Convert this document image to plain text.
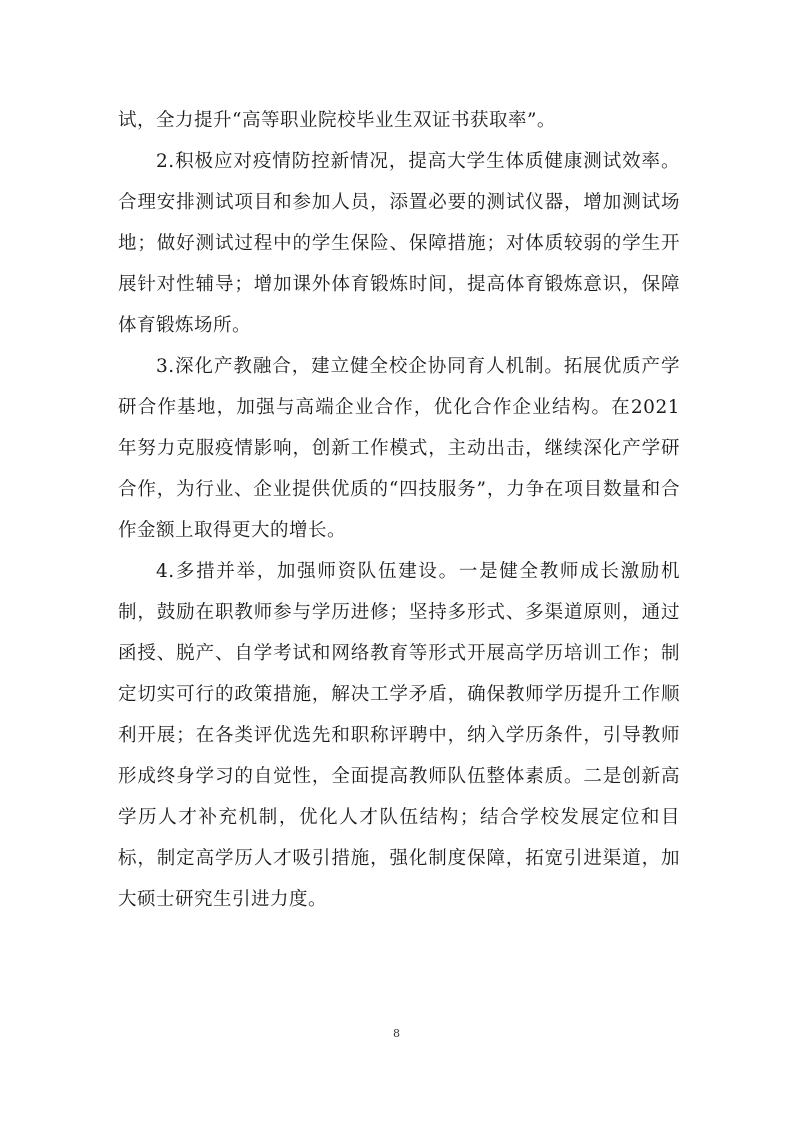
试，全力提升“高等职业院校毕业生双证书获取率”。

2.积极应对疫情防控新情况，提高大学生体质健康测试效率。合理安排测试项目和参加人员，添置必要的测试仪器，增加测试场地；做好测试过程中的学生保险、保障措施；对体质较弱的学生开展针对性辅导；增加课外体育锻炼时间，提高体育锻炼意识，保障体育锻炼场所。

3.深化产教融合，建立健全校企协同育人机制。拓展优质产学研合作基地，加强与高端企业合作，优化合作企业结构。在2021年努力克服疫情影响，创新工作模式，主动出击，继续深化产学研合作，为行业、企业提供优质的“四技服务”，力争在项目数量和合作金额上取得更大的增长。

4.多措并举，加强师资队伍建设。一是健全教师成长激励机制，鼓励在职教师参与学历进修；坚持多形式、多渠道原则，通过函授、脱产、自学考试和网络教育等形式开展高学历培训工作；制定切实可行的政策措施，解决工学矛盾，确保教师学历提升工作顺利开展；在各类评优选先和职称评聘中，纳入学历条件，引导教师形成终身学习的自觉性，全面提高教师队伍整体素质。二是创新高学历人才补充机制，优化人才队伍结构；结合学校发展定位和目标，制定高学历人才吸引措施，强化制度保障，拓宽引进渠道，加大硕士研究生引进力度。

8
